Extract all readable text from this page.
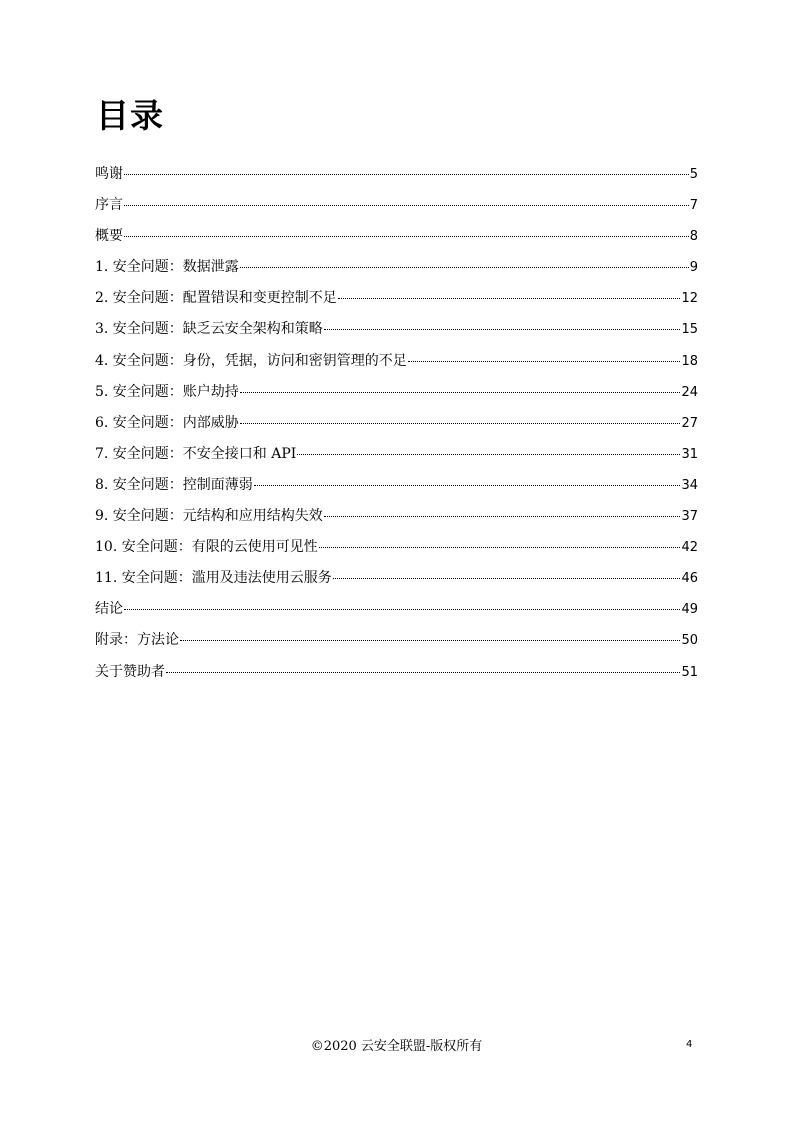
目录
鸣谢	5
序言	7
概要	8
1. 安全问题：数据泄露	9
2. 安全问题：配置错误和变更控制不足	12
3. 安全问题：缺乏云安全架构和策略	15
4. 安全问题：身份，凭据，访问和密钥管理的不足	18
5. 安全问题：账户劫持	24
6. 安全问题：内部威胁	27
7. 安全问题：不安全接口和 API	31
8. 安全问题：控制面薄弱	34
9. 安全问题：元结构和应用结构失效	37
10. 安全问题：有限的云使用可见性	42
11. 安全问题：滥用及违法使用云服务	46
结论	49
附录：方法论	50
关于赞助者	51
©2020 云安全联盟-版权所有	4
